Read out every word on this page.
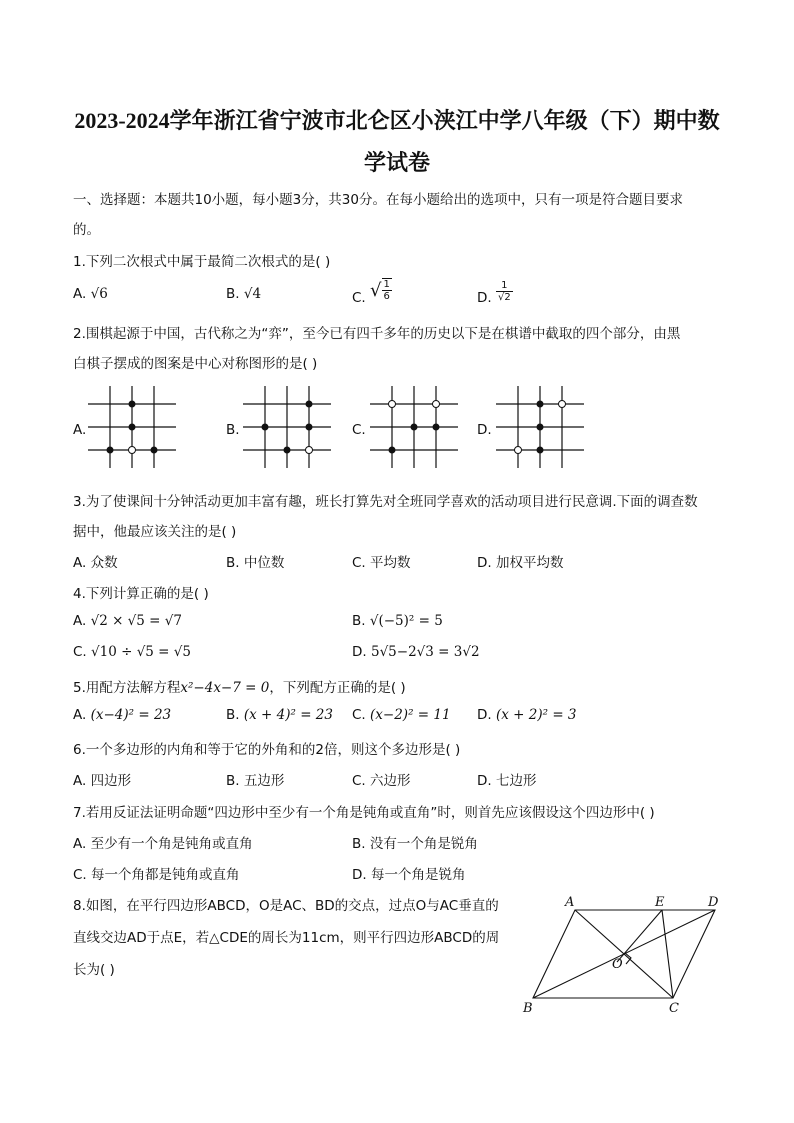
2023-2024学年浙江省宁波市北仑区小浃江中学八年级（下）期中数
学试卷
一、选择题：本题共10小题，每小题3分，共30分。在每小题给出的选项中，只有一项是符合题目要求
的。
1.下列二次根式中属于最简二次根式的是( )
A. √6	B. √4	C. √ $\frac{1}{6}$	D. $\frac{1}{√2}$
2.围棋起源于中国，古代称之为“弈”，至今已有四千多年的历史以下是在棋谱中截取的四个部分，由黑
白棋子摆成的图案是中心对称图形的是( )
A.	B.	C.	D.
3.为了使课间十分钟活动更加丰富有趣，班长打算先对全班同学喜欢的活动项目进行民意调.下面的调查数
据中，他最应该关注的是( )
A. 众数	B. 中位数	C. 平均数	D. 加权平均数
4.下列计算正确的是( )
A. √2 × √5 = √7	B. √(−5)² = 5
C. √10 ÷ √5 = √5	D. 5√5−2√3 = 3√2
5.用配方法解方程x²−4x−7 = 0，下列配方正确的是( )
A. (x−4)² = 23	B. (x + 4)² = 23 C. (x−2)² = 11 D. (x + 2)² = 3
6.一个多边形的内角和等于它的外角和的2倍，则这个多边形是( )
A. 四边形	B. 五边形	C. 六边形	D. 七边形
7.若用反证法证明命题“四边形中至少有一个角是钝角或直角”时，则首先应该假设这个四边形中( )
A. 至少有一个角是钝角或直角	B. 没有一个角是锐角
C. 每一个角都是钝角或直角	D. 每一个角是锐角
8.如图，在平行四边形ABCD，O是AC、BD的交点，过点O与AC垂直的
直线交边AD于点E，若△CDE的周长为11cm，则平行四边形ABCD的周
长为( )
A	E	D
O
B	C
